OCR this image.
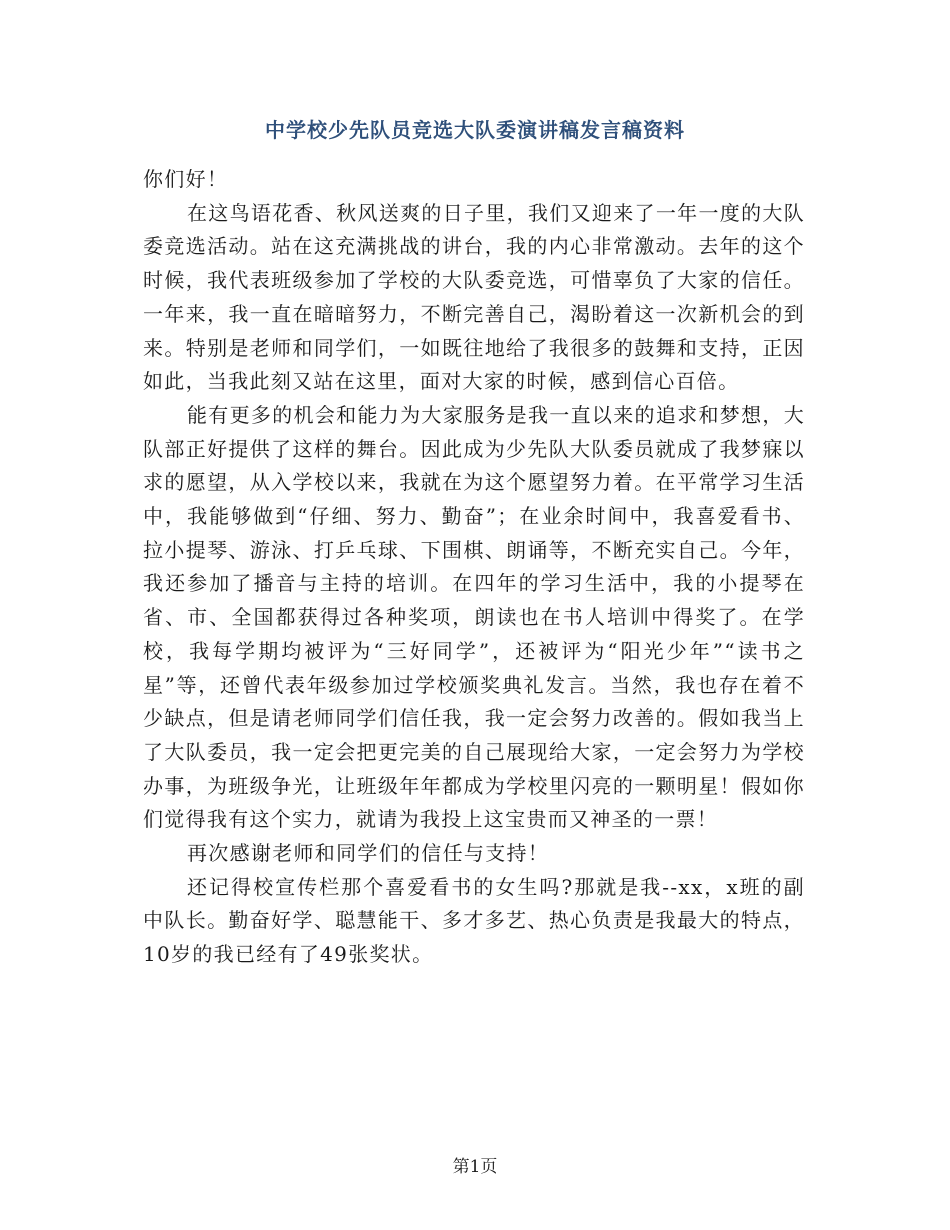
中学校少先队员竞选大队委演讲稿发言稿资料

你们好！

在这鸟语花香、秋风送爽的日子里，我们又迎来了一年一度的大队委竞选活动。站在这充满挑战的讲台，我的内心非常激动。去年的这个时候，我代表班级参加了学校的大队委竞选，可惜辜负了大家的信任。一年来，我一直在暗暗努力，不断完善自己，渴盼着这一次新机会的到来。特别是老师和同学们，一如既往地给了我很多的鼓舞和支持，正因如此，当我此刻又站在这里，面对大家的时候，感到信心百倍。

能有更多的机会和能力为大家服务是我一直以来的追求和梦想，大队部正好提供了这样的舞台。因此成为少先队大队委员就成了我梦寐以求的愿望，从入学校以来，我就在为这个愿望努力着。在平常学习生活中，我能够做到“仔细、努力、勤奋”；在业余时间中，我喜爱看书、拉小提琴、游泳、打乒乓球、下围棋、朗诵等，不断充实自己。今年，我还参加了播音与主持的培训。在四年的学习生活中，我的小提琴在省、市、全国都获得过各种奖项，朗读也在书人培训中得奖了。在学校，我每学期均被评为“三好同学”，还被评为“阳光少年”“读书之星”等，还曾代表年级参加过学校颁奖典礼发言。当然，我也存在着不少缺点，但是请老师同学们信任我，我一定会努力改善的。假如我当上了大队委员，我一定会把更完美的自己展现给大家，一定会努力为学校办事，为班级争光，让班级年年都成为学校里闪亮的一颗明星！假如你们觉得我有这个实力，就请为我投上这宝贵而又神圣的一票！

再次感谢老师和同学们的信任与支持！

还记得校宣传栏那个喜爱看书的女生吗?那就是我--xx，x班的副中队长。勤奋好学、聪慧能干、多才多艺、热心负责是我最大的特点，10岁的我已经有了49张奖状。

第1页
